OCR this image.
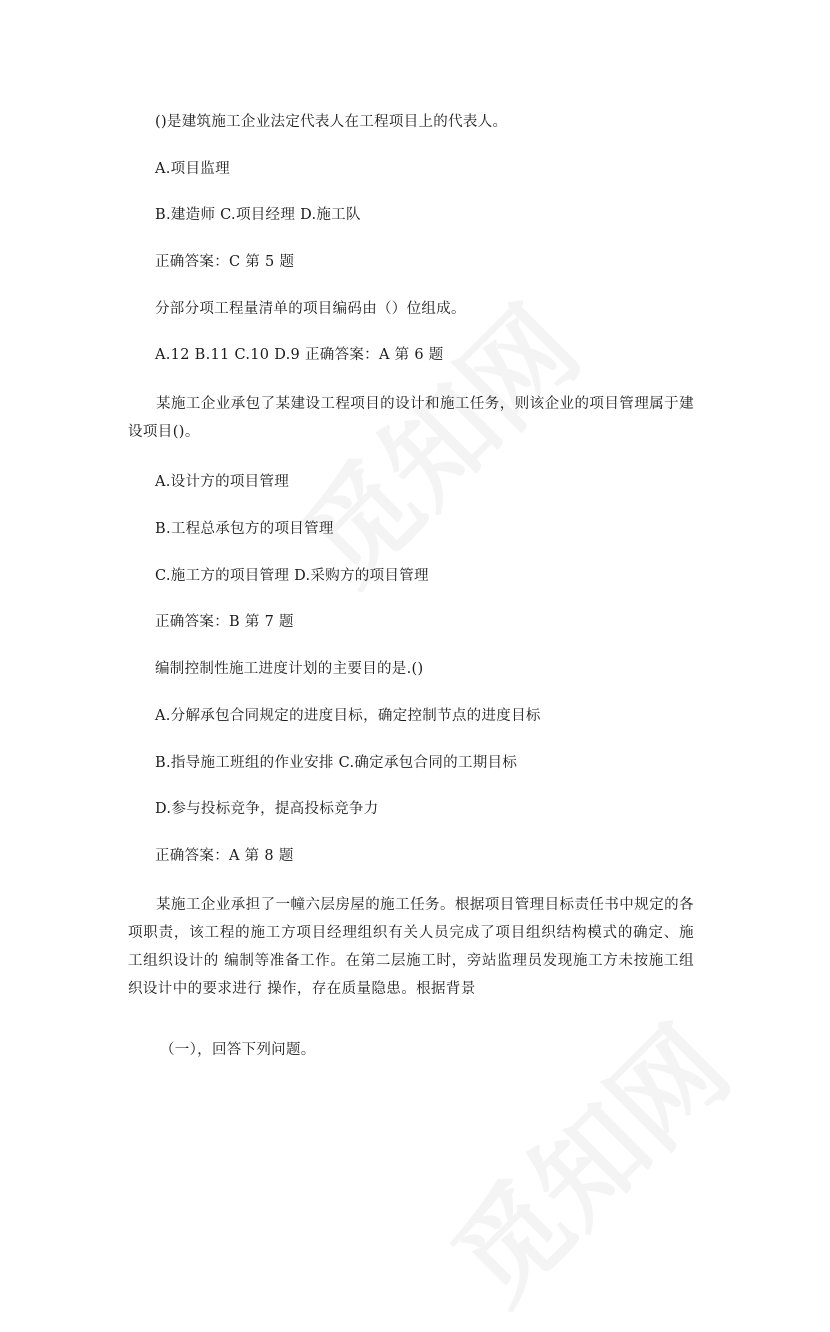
()是建筑施工企业法定代表人在工程项目上的代表人。
A.项目监理
B.建造师 C.项目经理 D.施工队
正确答案：C 第 5 题
分部分项工程量清单的项目编码由（）位组成。
A.12 B.11 C.10 D.9 正确答案：A 第 6 题
某施工企业承包了某建设工程项目的设计和施工任务，则该企业的项目管理属于建设项目()。
A.设计方的项目管理
B.工程总承包方的项目管理
C.施工方的项目管理 D.采购方的项目管理
正确答案：B 第 7 题
编制控制性施工进度计划的主要目的是.()
A.分解承包合同规定的进度目标，确定控制节点的进度目标
B.指导施工班组的作业安排 C.确定承包合同的工期目标
D.参与投标竞争，提高投标竞争力
正确答案：A 第 8 题
某施工企业承担了一幢六层房屋的施工任务。根据项目管理目标责任书中规定的各项职责，该工程的施工方项目经理组织有关人员完成了项目组织结构模式的确定、施工组织设计的 编制等准备工作。在第二层施工时，旁站监理员发现施工方未按施工组织设计中的要求进行 操作，存在质量隐患。根据背景
（一），回答下列问题。
